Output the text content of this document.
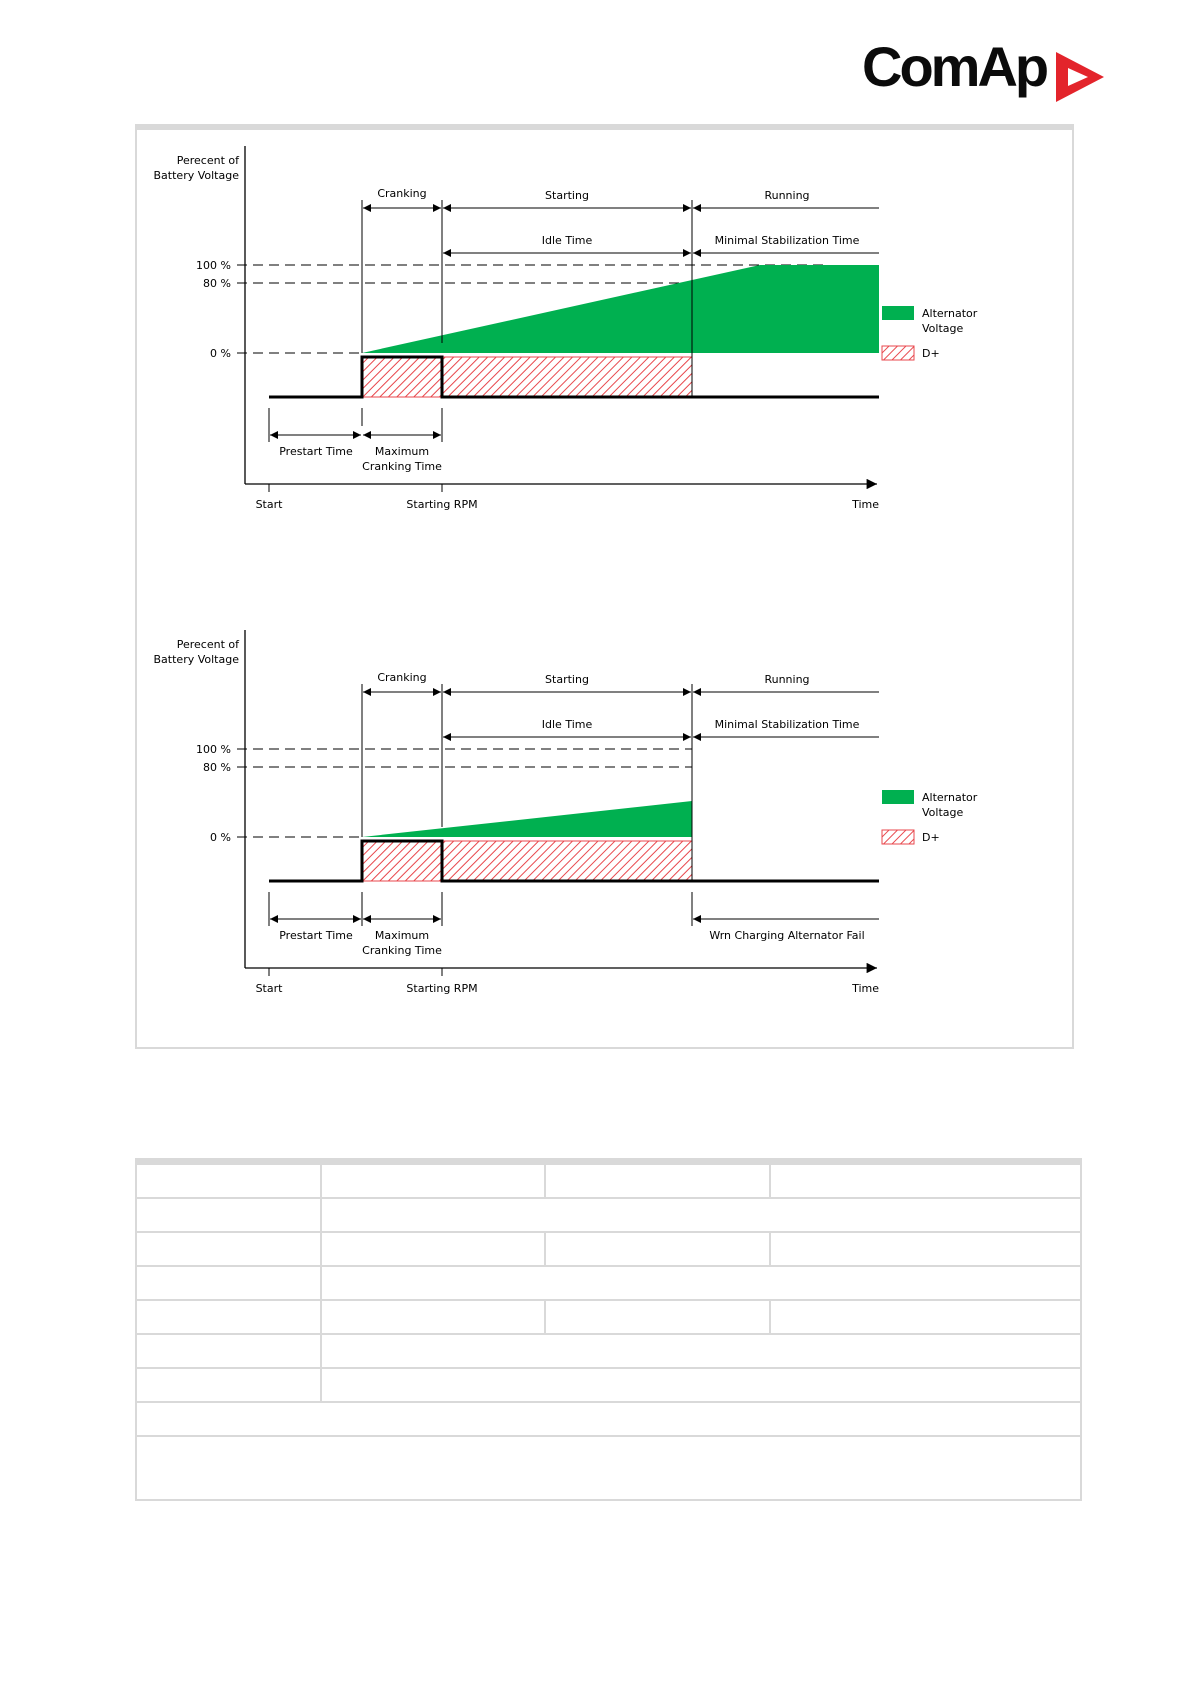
ComAp
Perecent of
Battery Voltage
100 %
80 %
0 %
Cranking	Starting	Running
Idle Time	Minimal Stabilization Time
Prestart Time Maximum
Cranking Time
Start	Starting RPM	Time
Alternator
Voltage
D+
Perecent of
Battery Voltage
100 %
80 %
0 %
Cranking	Starting	Running
Idle Time	Minimal Stabilization Time
Prestart Time Maximum
Cranking Time
Wrn Charging Alternator Fail
Start	Starting RPM	Time
Alternator
Voltage
D+
